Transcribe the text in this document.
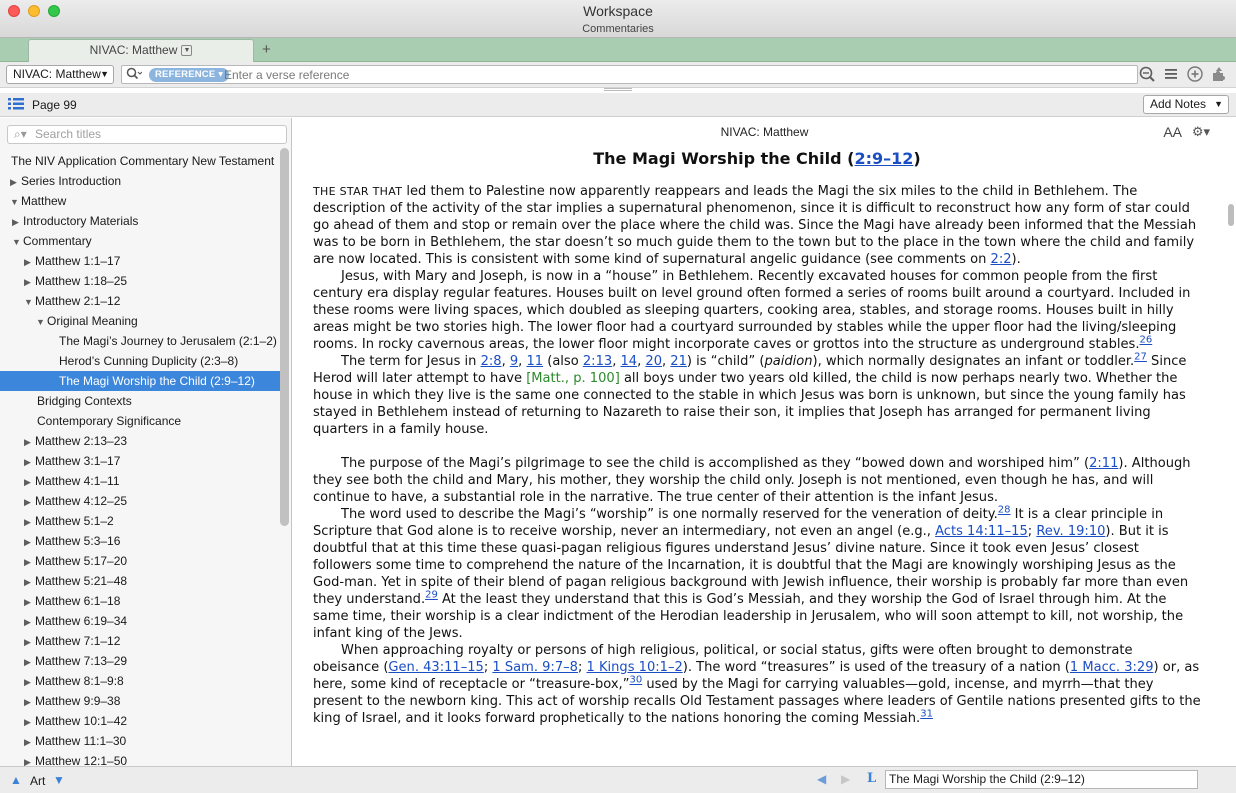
Workspace
Commentaries
NIVAC: Matthew ▼	+
NIVAC: Matthew ▼	REFERENCE ▾ Enter a verse reference
Page 99	Add Notes ▼
⌕▾ Search titles
The NIV Application Commentary New Testament
▶ Series Introduction
▼ Matthew
▶ Introductory Materials
▼ Commentary
▶ Matthew 1:1–17
▶ Matthew 1:18–25
▼ Matthew 2:1–12
▼ Original Meaning
The Magi’s Journey to Jerusalem (2:1–2)
Herod’s Cunning Duplicity (2:3–8)
The Magi Worship the Child (2:9–12)
Bridging Contexts
Contemporary Significance
▶ Matthew 2:13–23
▶ Matthew 3:1–17
▶ Matthew 4:1–11
▶ Matthew 4:12–25
▶ Matthew 5:1–2
▶ Matthew 5:3–16
▶ Matthew 5:17–20
▶ Matthew 5:21–48
▶ Matthew 6:1–18
▶ Matthew 6:19–34
▶ Matthew 7:1–12
▶ Matthew 7:13–29
▶ Matthew 8:1–9:8
▶ Matthew 9:9–38
▶ Matthew 10:1–42
▶ Matthew 11:1–30
▶ Matthew 12:1–50
NIVAC: Matthew	AA ⚙▾
The Magi Worship the Child (2:9–12)

THE STAR THAT led them to Palestine now apparently reappears and leads the Magi the six miles to the child in Bethlehem. The description of the activity of the star implies a supernatural phenomenon, since it is difficult to reconstruct how any form of star could go ahead of them and stop or remain over the place where the child was. Since the Magi have already been informed that the Messiah was to be born in Bethlehem, the star doesn’t so much guide them to the town but to the place in the town where the child and family are now located. This is consistent with some kind of supernatural angelic guidance (see comments on 2:2).

Jesus, with Mary and Joseph, is now in a “house” in Bethlehem. Recently excavated houses for common people from the first century era display regular features. Houses built on level ground often formed a series of rooms built around a courtyard. Included in these rooms were living spaces, which doubled as sleeping quarters, cooking area, stables, and storage rooms. Houses built in hilly areas might be two stories high. The lower floor had a courtyard surrounded by stables while the upper floor had the living/sleeping rooms. In rocky cavernous areas, the lower floor might incorporate caves or grottos into the structure as underground stables.$^{26}$

The term for Jesus in 2:8, 9, 11 (also 2:13, 14, 20, 21) is “child” (paidion), which normally designates an infant or toddler.$^{27}$ Since Herod will later attempt to have [Matt., p. 100] all boys under two years old killed, the child is now perhaps nearly two. Whether the house in which they live is the same one connected to the stable in which Jesus was born is unknown, but since the young family has stayed in Bethlehem instead of returning to Nazareth to raise their son, it implies that Joseph has arranged for permanent living quarters in a family house.

The purpose of the Magi’s pilgrimage to see the child is accomplished as they “bowed down and worshiped him” (2:11). Although they see both the child and Mary, his mother, they worship the child only. Joseph is not mentioned, even though he has, and will continue to have, a substantial role in the narrative. The true center of their attention is the infant Jesus.

The word used to describe the Magi’s “worship” is one normally reserved for the veneration of deity.$^{28}$ It is a clear principle in Scripture that God alone is to receive worship, never an intermediary, not even an angel (e.g., Acts 14:11–15; Rev. 19:10). But it is doubtful that at this time these quasi-pagan religious figures understand Jesus’ divine nature. Since it took even Jesus’ closest followers some time to comprehend the nature of the Incarnation, it is doubtful that the Magi are knowingly worshiping Jesus as the God-man. Yet in spite of their blend of pagan religious background with Jewish influence, their worship is probably far more than even they understand.$^{29}$ At the least they understand that this is God’s Messiah, and they worship the God of Israel through him. At the same time, their worship is a clear indictment of the Herodian leadership in Jerusalem, who will soon attempt to kill, not worship, the infant king of the Jews.

When approaching royalty or persons of high religious, political, or social status, gifts were often brought to demonstrate obeisance (Gen. 43:11–15; 1 Sam. 9:7–8; 1 Kings 10:1–2). The word “treasures” is used of the treasury of a nation (1 Macc. 3:29) or, as here, some kind of receptacle or “treasure-box,”$^{30}$ used by the Magi for carrying valuables—gold, incense, and myrrh—that they present to the newborn king. This act of worship recalls Old Testament passages where leaders of Gentile nations presented gifts to the king of Israel, and it looks forward prophetically to the nations honoring the coming Messiah.$^{31}$

▲ Art ▼	◀ ▶ L	The Magi Worship the Child (2:9–12)
